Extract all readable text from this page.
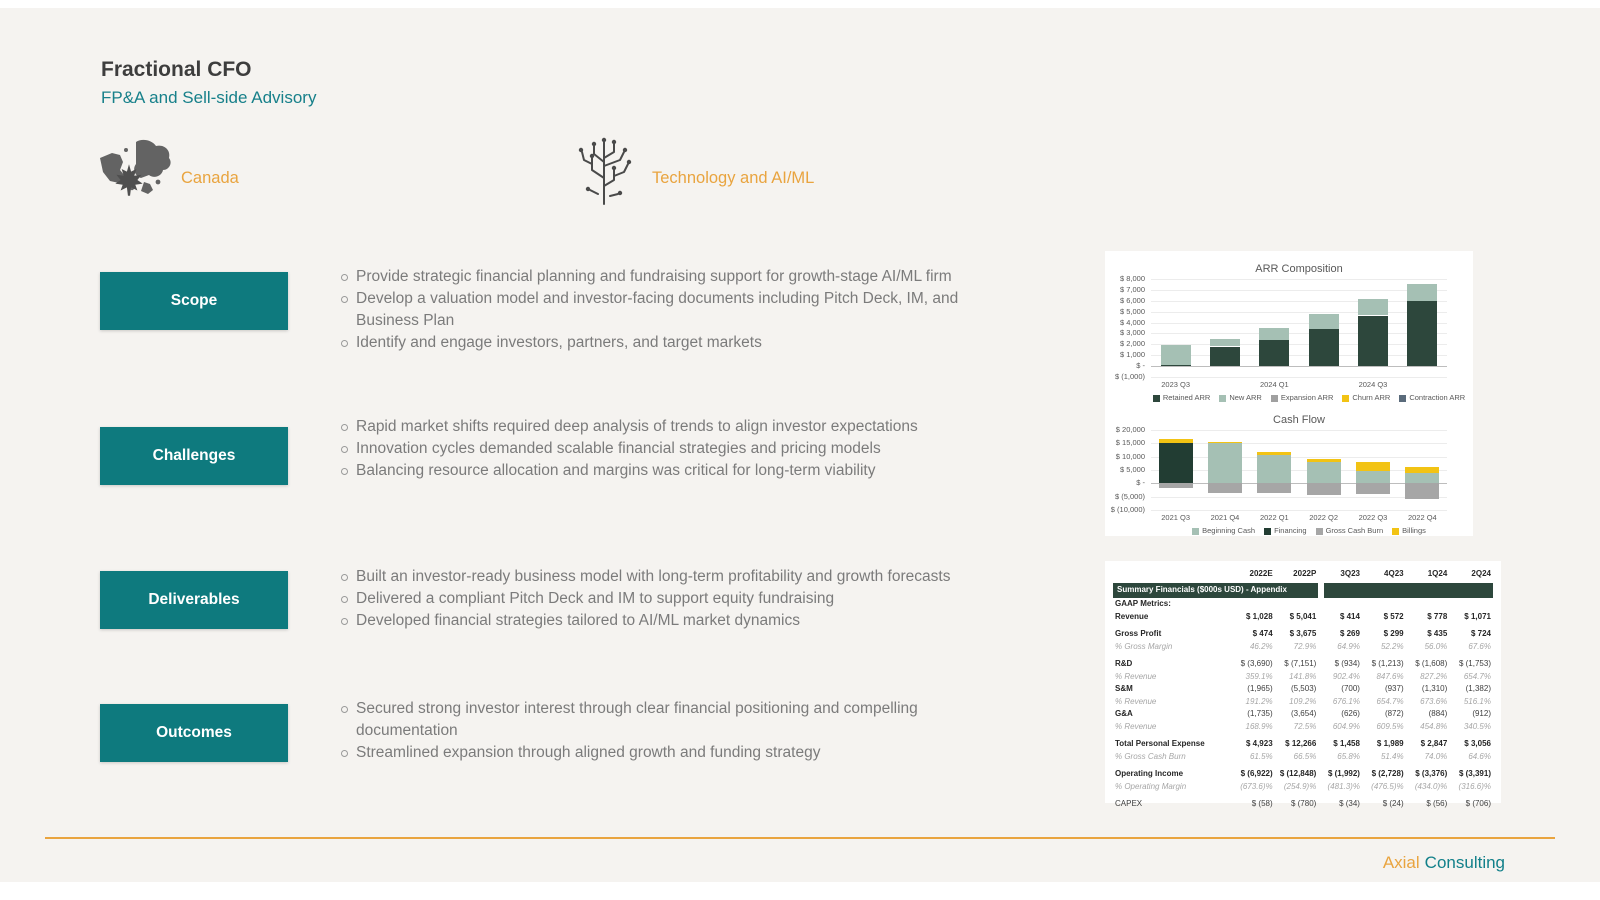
Fractional CFO
FP&A and Sell-side Advisory
Canada	Technology and AI/ML
Scope
Provide strategic financial planning and fundraising support for growth-stage AI/ML firm
Develop a valuation model and investor-facing documents including Pitch Deck, IM, and Business Plan
Identify and engage investors, partners, and target markets
Challenges
Rapid market shifts required deep analysis of trends to align investor expectations
Innovation cycles demanded scalable financial strategies and pricing models
Balancing resource allocation and margins was critical for long-term viability
Deliverables
Built an investor-ready business model with long-term profitability and growth forecasts
Delivered a compliant Pitch Deck and IM to support equity fundraising
Developed financial strategies tailored to AI/ML market dynamics
Outcomes
Secured strong investor interest through clear financial positioning and compelling documentation
Streamlined expansion through aligned growth and funding strategy
ARR Composition
$ 8,000
$ 7,000
$ 6,000
$ 5,000
$ 4,000
$ 3,000
$ 2,000
$ 1,000
$ -
$ (1,000)
2023 Q3	2024 Q1	2024 Q3
Retained ARR	New ARR	Expansion ARR	Churn ARR	Contraction ARR
Cash Flow
$ 20,000
$ 15,000
$ 10,000
$ 5,000
$ -
$ (5,000)
$ (10,000)
2021 Q3	2021 Q4	2022 Q1	2022 Q2	2022 Q3	2022 Q4
Beginning Cash	Financing	Gross Cash Burn	Billings
	2022E	2022P	3Q23	4Q23	1Q24	2Q24
Summary Financials ($000s USD) - Appendix						
GAAP Metrics:						
Revenue	$ 1,028	$ 5,041	$ 414	$ 572	$ 778	$ 1,071

Gross Profit	$ 474	$ 3,675	$ 269	$ 299	$ 435	$ 724
% Gross Margin	46.2%	72.9%	64.9%	52.2%	56.0%	67.6%

R&D	$ (3,690)	$ (7,151)	$ (934)	$ (1,213)	$ (1,608)	$ (1,753)
% Revenue	359.1%	141.8%	902.4%	847.6%	827.2%	654.7%
S&M	(1,965)	(5,503)	(700)	(937)	(1,310)	(1,382)
% Revenue	191.2%	109.2%	676.1%	654.7%	673.6%	516.1%
G&A	(1,735)	(3,654)	(626)	(872)	(884)	(912)
% Revenue	168.9%	72.5%	604.9%	609.5%	454.8%	340.5%

Total Personal Expense	$ 4,923	$ 12,266	$ 1,458	$ 1,989	$ 2,847	$ 3,056
% Gross Cash Burn	61.5%	66.5%	65.8%	51.4%	74.0%	64.6%

Operating Income	$ (6,922)	$ (12,848)	$ (1,992)	$ (2,728)	$ (3,376)	$ (3,391)
% Operating Margin	(673.6)%	(254.9)%	(481.3)%	(476.5)%	(434.0)%	(316.6)%

CAPEX	$ (58)	$ (780)	$ (34)	$ (24)	$ (56)	$ (706)
Axial Consulting
